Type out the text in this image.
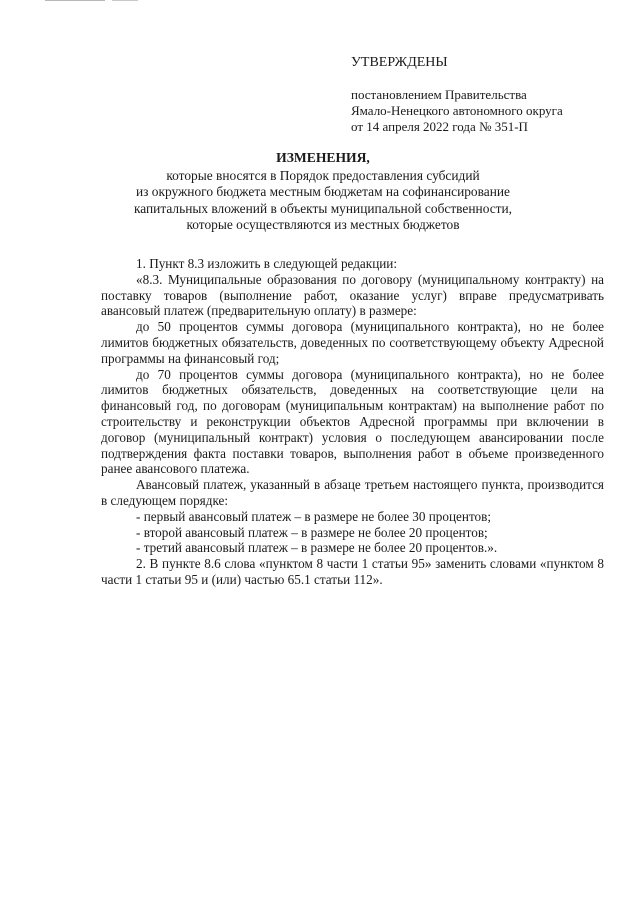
УТВЕРЖДЕНЫ
постановлением Правительства
Ямало-Ненецкого автономного округа
от 14 апреля 2022 года № 351-П
ИЗМЕНЕНИЯ,
которые вносятся в Порядок предоставления субсидий
из окружного бюджета местным бюджетам на софинансирование
капитальных вложений в объекты муниципальной собственности,
которые осуществляются из местных бюджетов

1. Пункт 8.3 изложить в следующей редакции:

«8.3. Муниципальные образования по договору (муниципальному контракту) на поставку товаров (выполнение работ, оказание услуг) вправе предусматривать авансовый платеж (предварительную оплату) в размере:

до 50 процентов суммы договора (муниципального контракта), но не более лимитов бюджетных обязательств, доведенных по соответствующему объекту Адресной программы на финансовый год;

до 70 процентов суммы договора (муниципального контракта), но не более лимитов бюджетных обязательств, доведенных на соответствующие цели на финансовый год, по договорам (муниципальным контрактам) на выполнение работ по строительству и реконструкции объектов Адресной программы при включении в договор (муниципальный контракт) условия о последующем авансировании после подтверждения факта поставки товаров, выполнения работ в объеме произведенного ранее авансового платежа.

Авансовый платеж, указанный в абзаце третьем настоящего пункта, производится в следующем порядке:

- первый авансовый платеж – в размере не более 30 процентов;

- второй авансовый платеж – в размере не более 20 процентов;

- третий авансовый платеж – в размере не более 20 процентов.».

2. В пункте 8.6 слова «пунктом 8 части 1 статьи 95» заменить словами «пунктом 8 части 1 статьи 95 и (или) частью 65.1 статьи 112».
